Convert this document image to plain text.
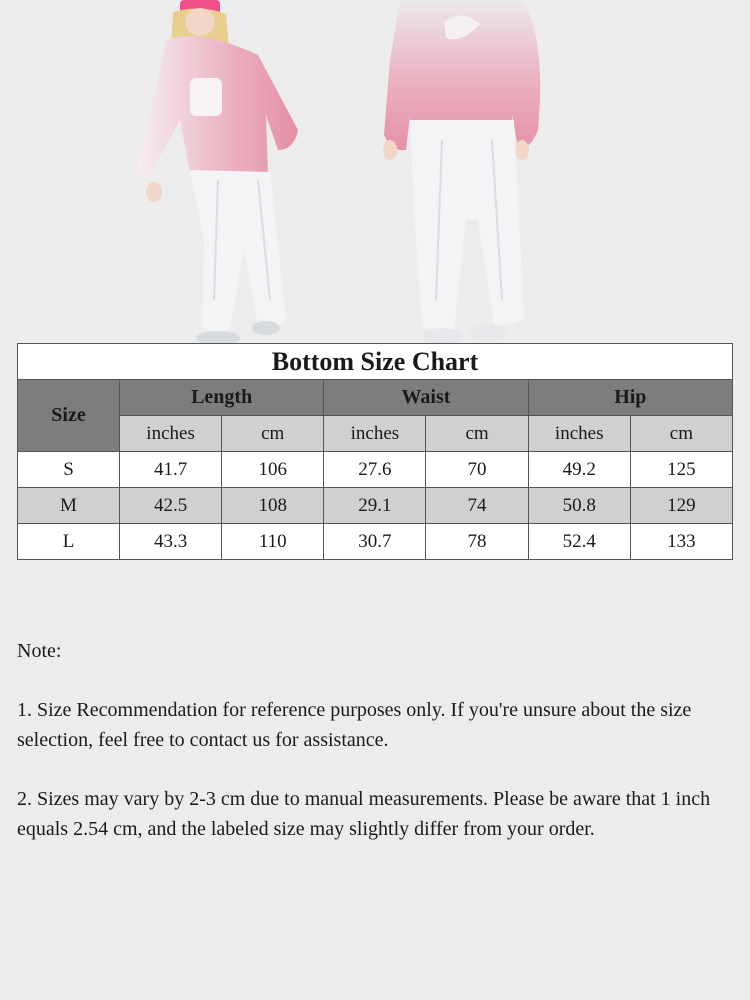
Bottom Size Chart						
Size	Length		Waist		Hip	
	inches	cm	inches	cm	inches	cm
S	41.7	106	27.6	70	49.2	125
M	42.5	108	29.1	74	50.8	129
L	43.3	110	30.7	78	52.4	133

Note:

1. Size Recommendation for reference purposes only. If you're unsure about the size selection, feel free to contact us for assistance.

2. Sizes may vary by 2-3 cm due to manual measurements. Please be aware that 1 inch equals 2.54 cm, and the labeled size may slightly differ from your order.
